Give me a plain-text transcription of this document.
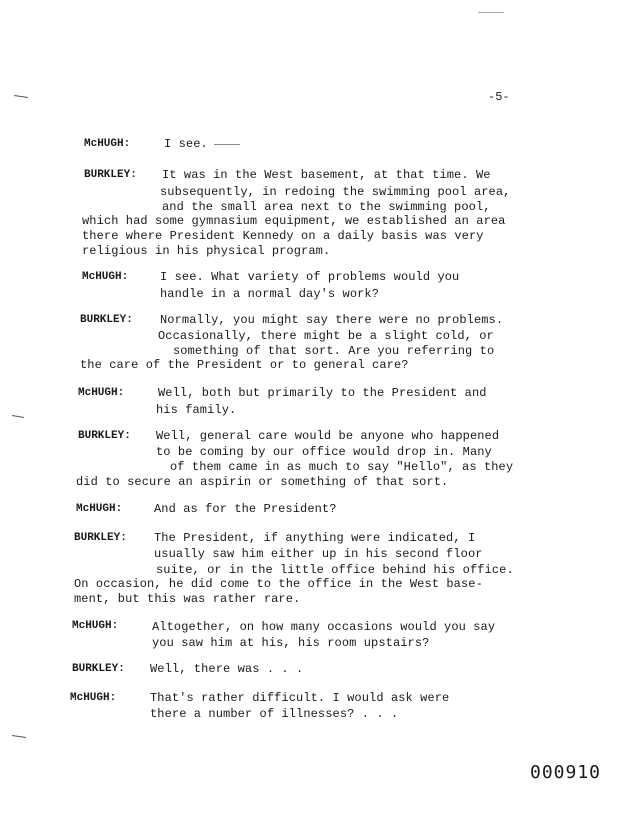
-5-
McHUGH:	I see.
BURKLEY: It was in the West basement, at that time. We
subsequently, in redoing the swimming pool area,
and the small area next to the swimming pool,
which had some gymnasium equipment, we established an area
there where President Kennedy on a daily basis was very
religious in his physical program.
McHUGH:	I see. What variety of problems would you
handle in a normal day's work?
BURKLEY: Normally, you might say there were no problems.
Occasionally, there might be a slight cold, or
something of that sort. Are you referring to
the care of the President or to general care?
McHUGH:	Well, both but primarily to the President and
his family.
BURKLEY: Well, general care would be anyone who happened
to be coming by our office would drop in. Many
of them came in as much to say "Hello", as they
did to secure an aspirin or something of that sort.
McHUGH:	And as for the President?
BURKLEY: The President, if anything were indicated, I
usually saw him either up in his second floor
suite, or in the little office behind his office.
On occasion, he did come to the office in the West base-
ment, but this was rather rare.
McHUGH:	Altogether, on how many occasions would you say
you saw him at his, his room upstairs?
BURKLEY: Well, there was . . .
McHUGH:	That's rather difficult. I would ask were
there a number of illnesses? . . .
000910
